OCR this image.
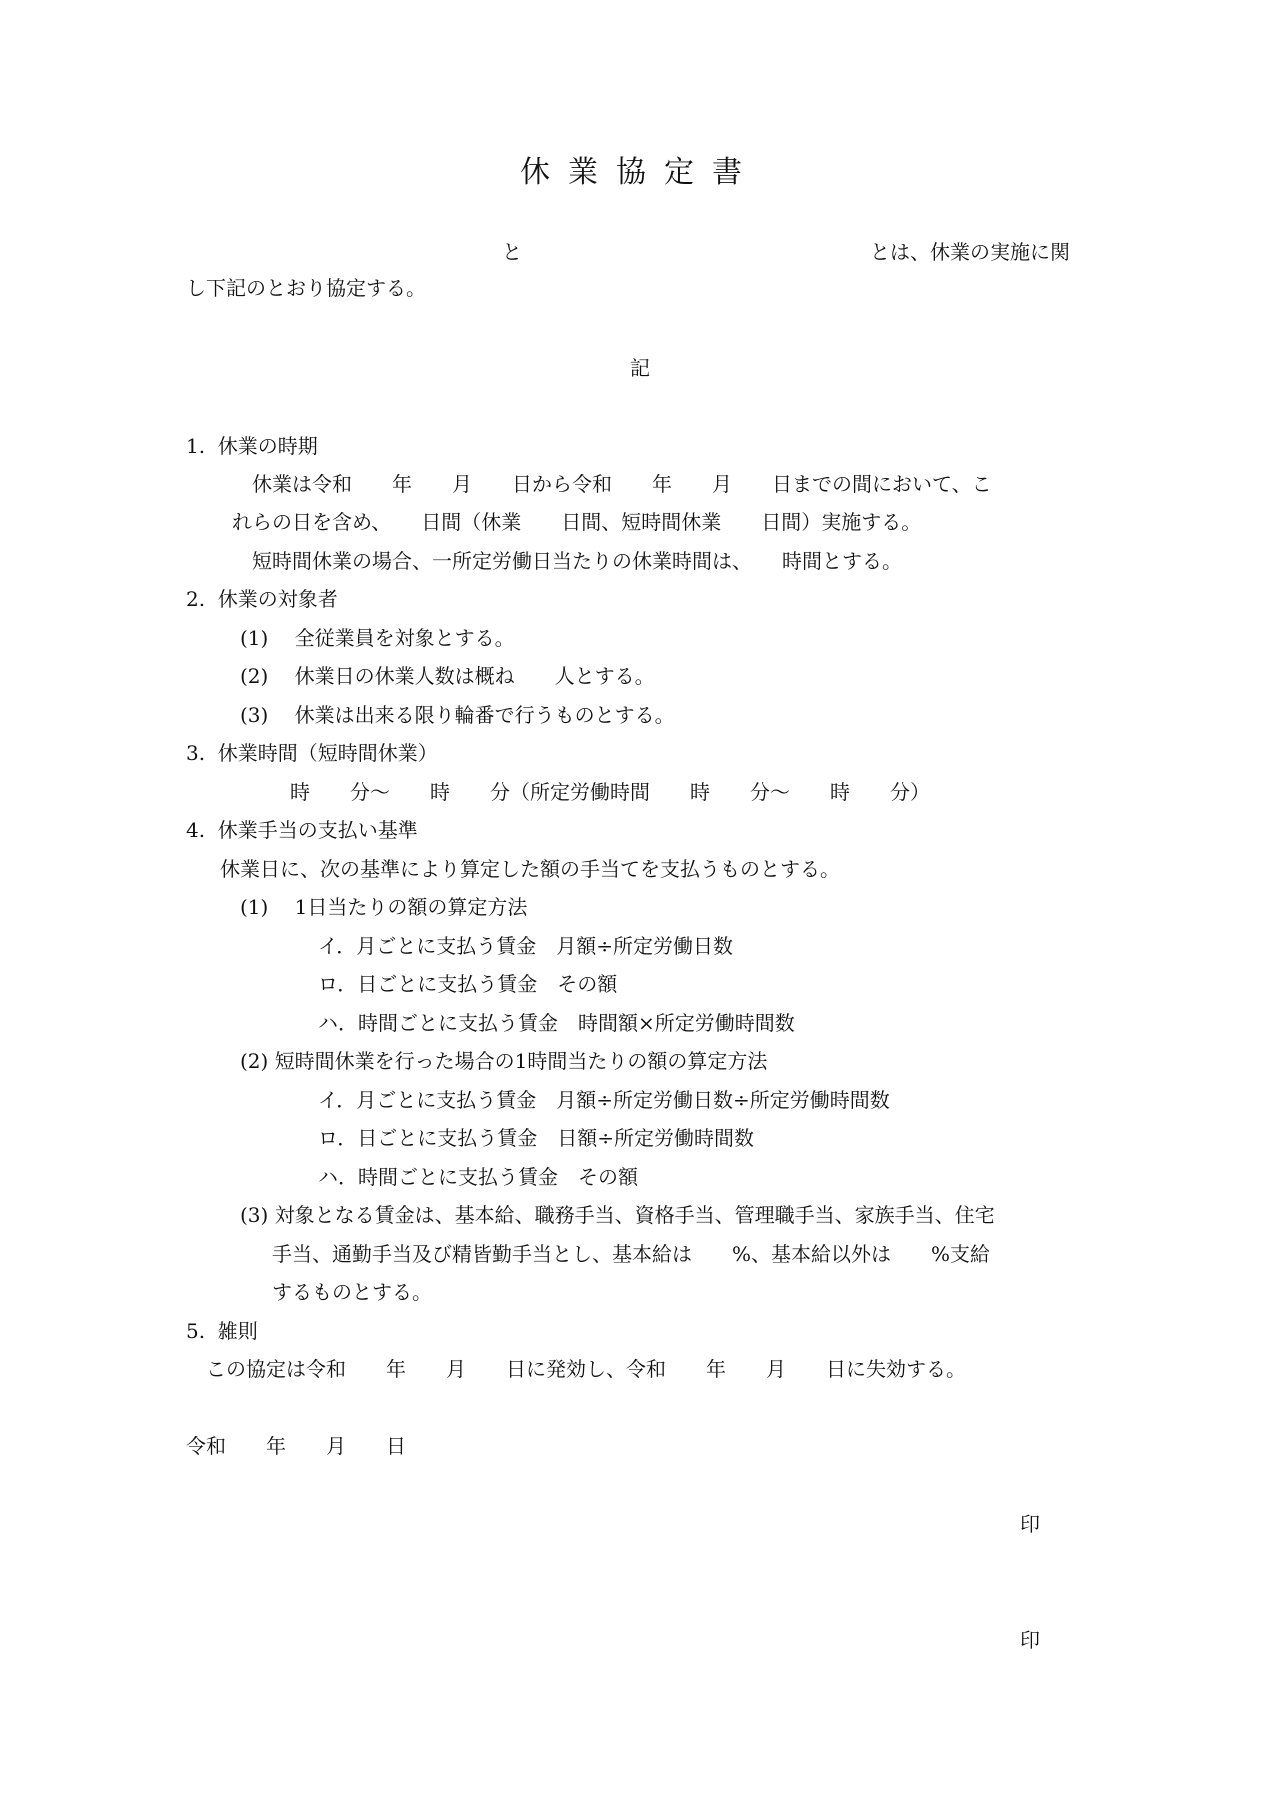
休業協定書
と	とは、休業の実施に関
し下記のとおり協定する。
記
1.  休業の時期
休業は令和　　年　　月　　日から令和　　年　　月　　日までの間において、こ
れらの日を含め、　　日間（休業　　日間、短時間休業　　日間）実施する。
短時間休業の場合、一所定労働日当たりの休業時間は、　　時間とする。
2.  休業の対象者
(1)　 全従業員を対象とする。
(2)　 休業日の休業人数は概ね　　人とする。
(3)　 休業は出来る限り輪番で行うものとする。
3.  休業時間（短時間休業）
時　　分～　　時　　分（所定労働時間　　時　　分～　　時　　分）
4.  休業手当の支払い基準
休業日に、次の基準により算定した額の手当てを支払うものとする。
(1)　 1日当たりの額の算定方法
イ．月ごとに支払う賃金　月額÷所定労働日数
ロ．日ごとに支払う賃金　その額
ハ．時間ごとに支払う賃金　時間額×所定労働時間数
(2) 短時間休業を行った場合の1時間当たりの額の算定方法
イ．月ごとに支払う賃金　月額÷所定労働日数÷所定労働時間数
ロ．日ごとに支払う賃金　日額÷所定労働時間数
ハ．時間ごとに支払う賃金　その額
(3) 対象となる賃金は、基本給、職務手当、資格手当、管理職手当、家族手当、住宅
手当、通勤手当及び精皆勤手当とし、基本給は　　%、基本給以外は　　%支給
するものとする。
5.  雑則
この協定は令和　　年　　月　　日に発効し、令和　　年　　月　　日に失効する。
令和　　年　　月　　日
印
印
